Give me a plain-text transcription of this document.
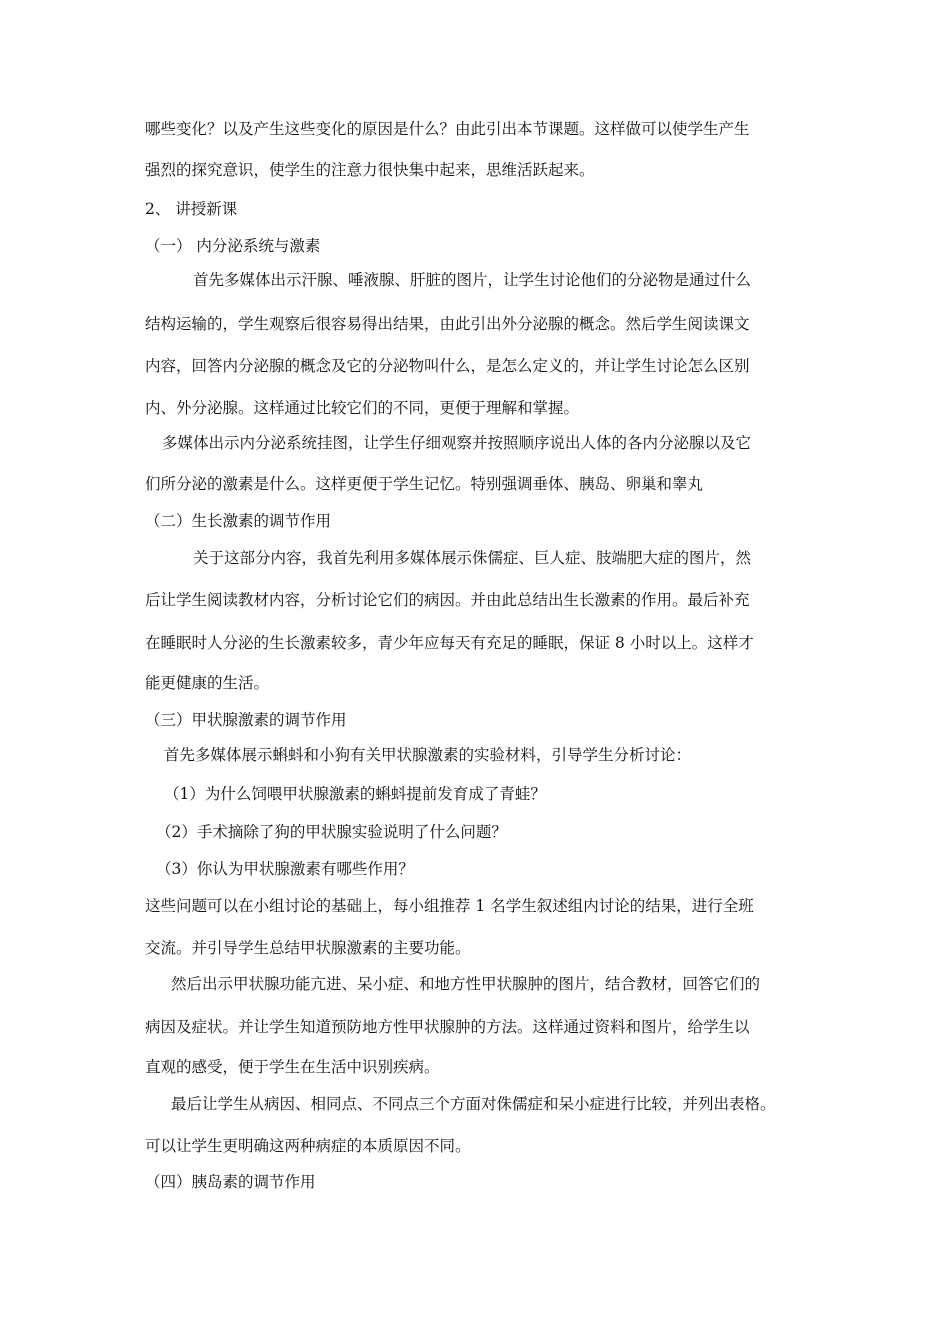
哪些变化？以及产生这些变化的原因是什么？由此引出本节课题。这样做可以使学生产生
强烈的探究意识，使学生的注意力很快集中起来，思维活跃起来。
2、 讲授新课
（一） 内分泌系统与激素
首先多媒体出示汗腺、唾液腺、肝脏的图片，让学生讨论他们的分泌物是通过什么
结构运输的，学生观察后很容易得出结果，由此引出外分泌腺的概念。然后学生阅读课文
内容，回答内分泌腺的概念及它的分泌物叫什么，是怎么定义的，并让学生讨论怎么区别
内、外分泌腺。这样通过比较它们的不同，更便于理解和掌握。
多媒体出示内分泌系统挂图，让学生仔细观察并按照顺序说出人体的各内分泌腺以及它
们所分泌的激素是什么。这样更便于学生记忆。特别强调垂体、胰岛、卵巢和睾丸
（二）生长激素的调节作用
关于这部分内容，我首先利用多媒体展示侏儒症、巨人症、肢端肥大症的图片，然
后让学生阅读教材内容，分析讨论它们的病因。并由此总结出生长激素的作用。最后补充
在睡眠时人分泌的生长激素较多，青少年应每天有充足的睡眠，保证 8 小时以上。这样才
能更健康的生活。
（三）甲状腺激素的调节作用
首先多媒体展示蝌蚪和小狗有关甲状腺激素的实验材料，引导学生分析讨论：
（1）为什么饲喂甲状腺激素的蝌蚪提前发育成了青蛙？
（2）手术摘除了狗的甲状腺实验说明了什么问题？
（3）你认为甲状腺激素有哪些作用？
这些问题可以在小组讨论的基础上，每小组推荐 1 名学生叙述组内讨论的结果，进行全班
交流。并引导学生总结甲状腺激素的主要功能。
然后出示甲状腺功能亢进、呆小症、和地方性甲状腺肿的图片，结合教材，回答它们的
病因及症状。并让学生知道预防地方性甲状腺肿的方法。这样通过资料和图片，给学生以
直观的感受，便于学生在生活中识别疾病。
最后让学生从病因、相同点、不同点三个方面对侏儒症和呆小症进行比较，并列出表格。
可以让学生更明确这两种病症的本质原因不同。
（四）胰岛素的调节作用
